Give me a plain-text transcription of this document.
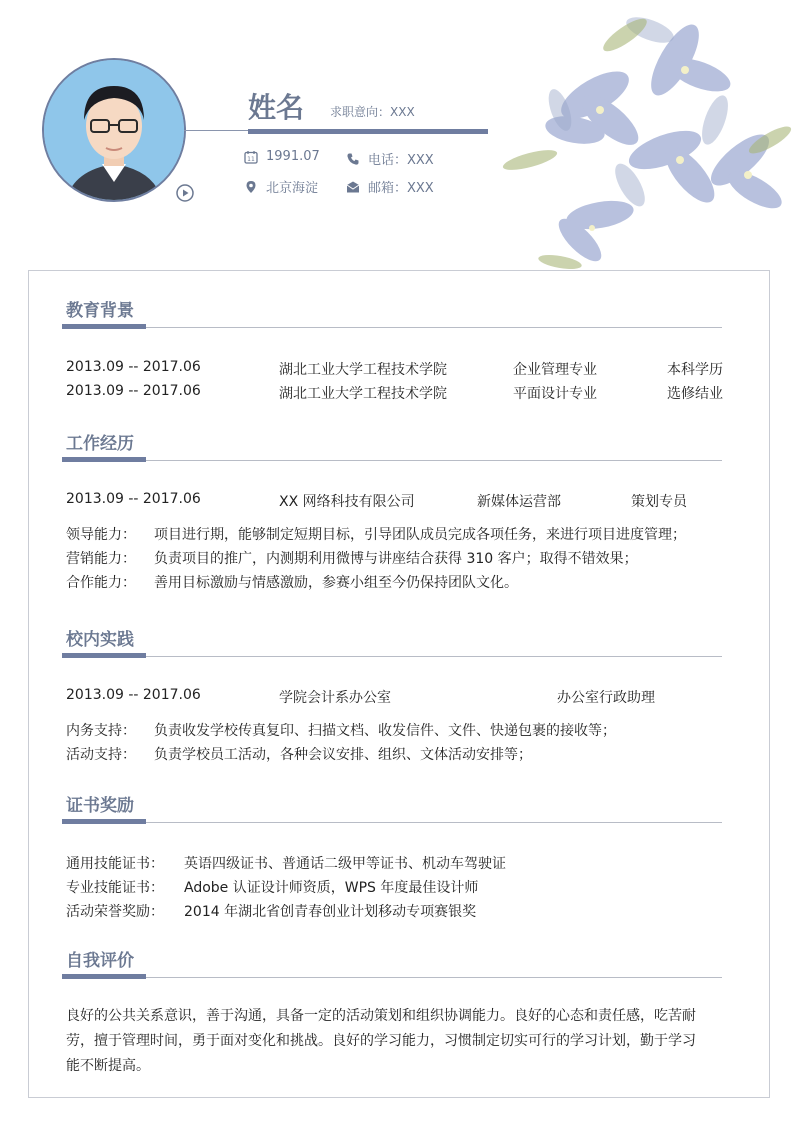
姓名 求职意向：XXX
11 1991.07	电话：XXX
北京海淀	邮箱：XXX
教育背景
2013.09 -- 2017.06	湖北工业大学工程技术学院	企业管理专业	本科学历
2013.09 -- 2017.06	湖北工业大学工程技术学院	平面设计专业	选修结业
工作经历
2013.09 -- 2017.06	XX 网络科技有限公司	新媒体运营部	策划专员
领导能力： 项目进行期，能够制定短期目标，引导团队成员完成各项任务，来进行项目进度管理；
营销能力： 负责项目的推广，内测期利用微博与讲座结合获得 310 客户；取得不错效果；
合作能力： 善用目标激励与情感激励，参赛小组至今仍保持团队文化。
校内实践
2013.09 -- 2017.06	学院会计系办公室	办公室行政助理
内务支持： 负责收发学校传真复印、扫描文档、收发信件、文件、快递包裹的接收等；
活动支持： 负责学校员工活动，各种会议安排、组织、文体活动安排等；
证书奖励
通用技能证书： 英语四级证书、普通话二级甲等证书、机动车驾驶证
专业技能证书： Adobe 认证设计师资质，WPS 年度最佳设计师
活动荣誉奖励： 2014 年湖北省创青春创业计划移动专项赛银奖
自我评价
良好的公共关系意识，善于沟通，具备一定的活动策划和组织协调能力。良好的心态和责任感，吃苦耐
劳，擅于管理时间，勇于面对变化和挑战。良好的学习能力，习惯制定切实可行的学习计划，勤于学习
能不断提高。
